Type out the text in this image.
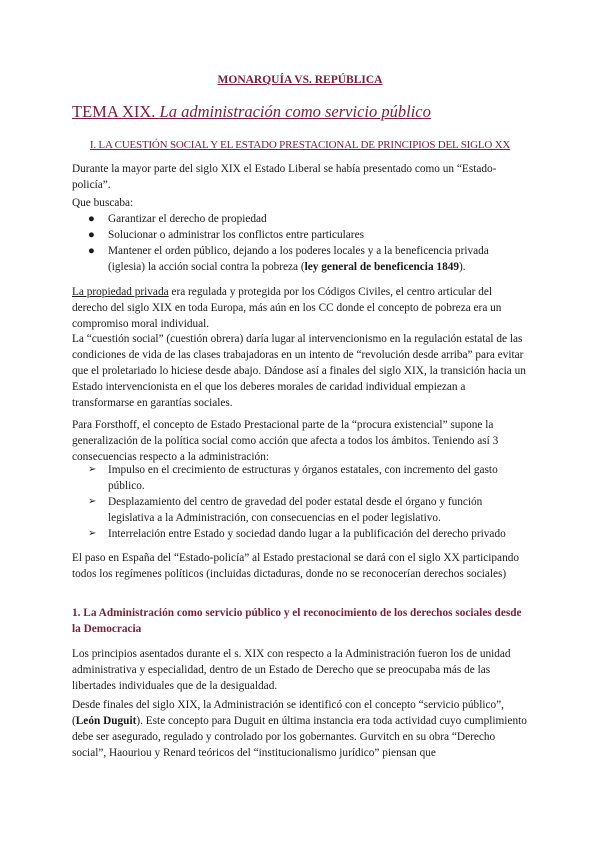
MONARQUÍA VS. REPÚBLICA
TEMA XIX. La administración como servicio público
I. LA CUESTIÓN SOCIAL Y EL ESTADO PRESTACIONAL DE PRINCIPIOS DEL SIGLO XX

Durante la mayor parte del siglo XIX el Estado Liberal se había presentado como un “Estado-policía”.

Que buscaba:

● Garantizar el derecho de propiedad
● Solucionar o administrar los conflictos entre particulares
● Mantener el orden público, dejando a los poderes locales y a la beneficencia privada (iglesia) la acción social contra la pobreza (ley general de beneficencia 1849).

La propiedad privada era regulada y protegida por los Códigos Civiles, el centro articular del derecho del siglo XIX en toda Europa, más aún en los CC donde el concepto de pobreza era un compromiso moral individual.

La “cuestión social” (cuestión obrera) daría lugar al intervencionismo en la regulación estatal de las condiciones de vida de las clases trabajadoras en un intento de “revolución desde arriba” para evitar que el proletariado lo hiciese desde abajo. Dándose así a finales del siglo XIX, la transición hacia un Estado intervencionista en el que los deberes morales de caridad individual empiezan a transformarse en garantías sociales.

Para Forsthoff, el concepto de Estado Prestacional parte de la “procura existencial” supone la generalización de la política social como acción que afecta a todos los ámbitos. Teniendo así 3 consecuencias respecto a la administración:

➢ Impulso en el crecimiento de estructuras y órganos estatales, con incremento del gasto público.
➢ Desplazamiento del centro de gravedad del poder estatal desde el órgano y función legislativa a la Administración, con consecuencias en el poder legislativo.
➢ Interrelación entre Estado y sociedad dando lugar a la publificación del derecho privado

El paso en España del “Estado-policía” al Estado prestacional se dará con el siglo XX participando todos los regímenes políticos (incluidas dictaduras, donde no se reconocerían derechos sociales)

1. La Administración como servicio público y el reconocimiento de los derechos sociales desde la Democracia

Los principios asentados durante el s. XIX con respecto a la Administración fueron los de unidad administrativa y especialidad, dentro de un Estado de Derecho que se preocupaba más de las libertades individuales que de la desigualdad.

Desde finales del siglo XIX, la Administración se identificó con el concepto “servicio público”, (León Duguit). Este concepto para Duguit en última instancia era toda actividad cuyo cumplimiento debe ser asegurado, regulado y controlado por los gobernantes. Gurvitch en su obra “Derecho social”, Haouriou y Renard teóricos del “institucionalismo jurídico” piensan que
